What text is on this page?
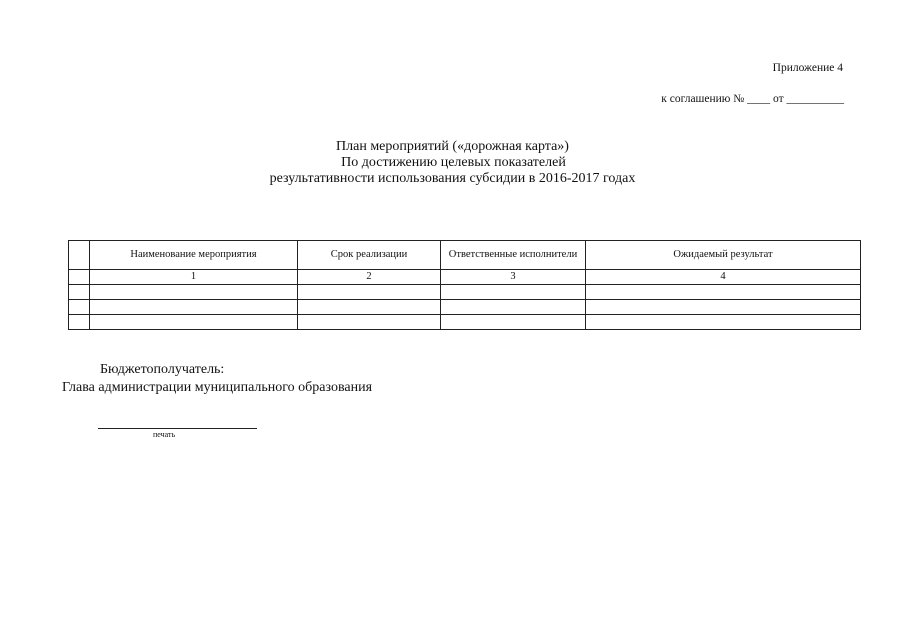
Приложение 4
к соглашению № ____ от __________
План мероприятий («дорожная карта»)
По достижению целевых показателей
результативности использования субсидии в 2016-2017 годах
	Наименование мероприятия	Срок реализации	Ответственные исполнители	Ожидаемый результат
	1	2	3	4

Бюджетополучатель:
Глава администрации муниципального образования
печать
